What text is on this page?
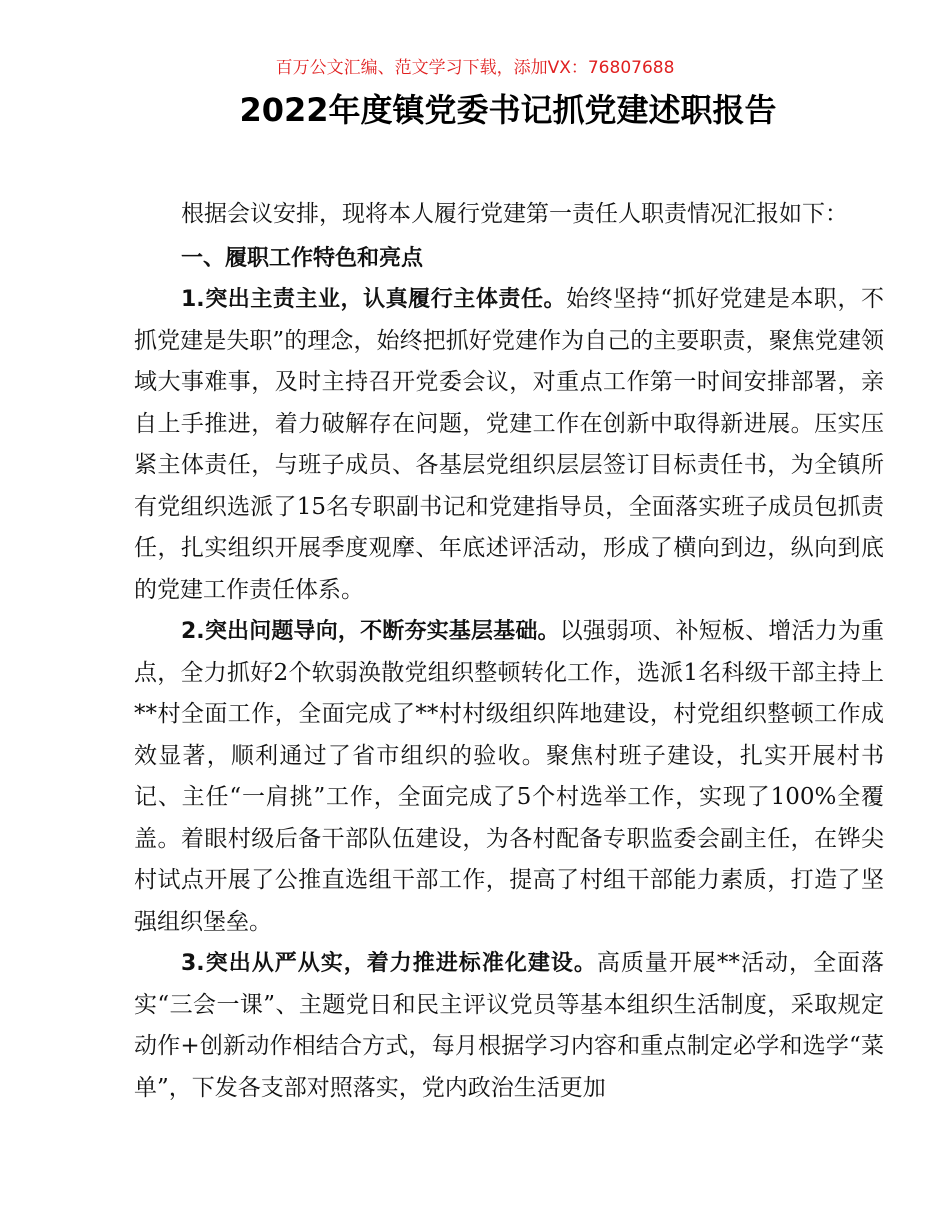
百万公文汇编、范文学习下载，添加VX：76807688
2022年度镇党委书记抓党建述职报告

根据会议安排，现将本人履行党建第一责任人职责情况汇报如下：

一、履职工作特色和亮点

1.突出主责主业，认真履行主体责任。始终坚持“抓好党建是本职，不抓党建是失职”的理念，始终把抓好党建作为自己的主要职责，聚焦党建领域大事难事，及时主持召开党委会议，对重点工作第一时间安排部署，亲自上手推进，着力破解存在问题，党建工作在创新中取得新进展。压实压紧主体责任，与班子成员、各基层党组织层层签订目标责任书，为全镇所有党组织选派了15名专职副书记和党建指导员，全面落实班子成员包抓责任，扎实组织开展季度观摩、年底述评活动，形成了横向到边，纵向到底的党建工作责任体系。

2.突出问题导向，不断夯实基层基础。以强弱项、补短板、增活力为重点，全力抓好2个软弱涣散党组织整顿转化工作，选派1名科级干部主持上**村全面工作，全面完成了**村村级组织阵地建设，村党组织整顿工作成效显著，顺利通过了省市组织的验收。聚焦村班子建设，扎实开展村书记、主任“一肩挑”工作，全面完成了5个村选举工作，实现了100%全覆盖。着眼村级后备干部队伍建设，为各村配备专职监委会副主任，在铧尖村试点开展了公推直选组干部工作，提高了村组干部能力素质，打造了坚强组织堡垒。

3.突出从严从实，着力推进标准化建设。高质量开展**活动，全面落实“三会一课”、主题党日和民主评议党员等基本组织生活制度，采取规定动作+创新动作相结合方式，每月根据学习内容和重点制定必学和选学“菜单”，下发各支部对照落实，党内政治生活更加
